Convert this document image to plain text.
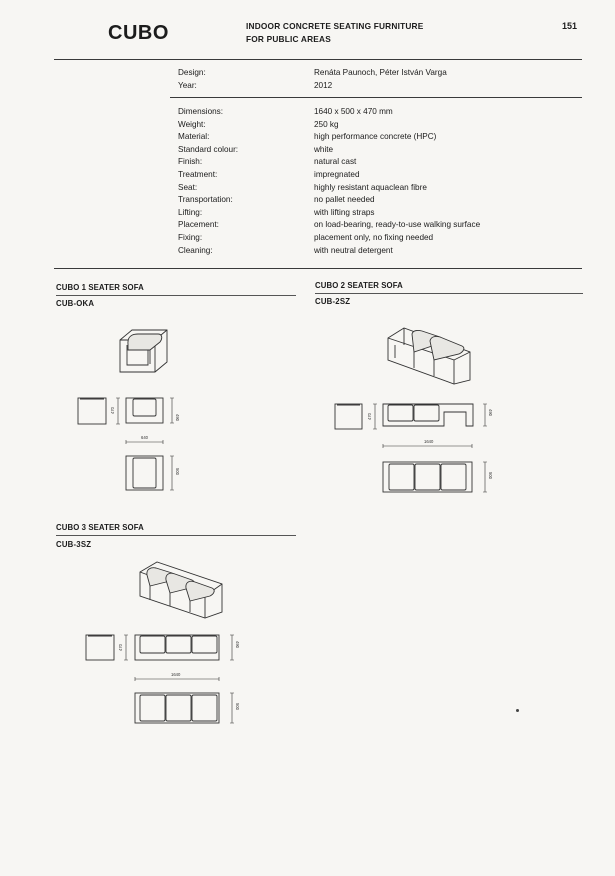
CUBO	INDOOR CONCRETE SEATING FURNITURE
FOR PUBLIC AREAS
151
Design:
Year:
Renáta Paunoch, Péter István Varga
2012
Dimensions:
Weight:
Material:
Standard colour:
Finish:
Treatment:
Seat:
Transportation:
Lifting:
Placement:
Fixing:
Cleaning:
1640 x 500 x 470 mm
250 kg
high performance concrete (HPC)
white
natural cast
impregnated
highly resistant aquaclean fibre
no pallet needed
with lifting straps
on load-bearing, ready-to-use walking surface
placement only, no fixing needed
with neutral detergent
CUBO 1 SEATER SOFA
CUB-OKA
CUBO 2 SEATER SOFA
CUB-2SZ
CUBO 3 SEATER SOFA
CUB-3SZ
470
490
640
500
470
490
1640
500
470	490
1640
500
